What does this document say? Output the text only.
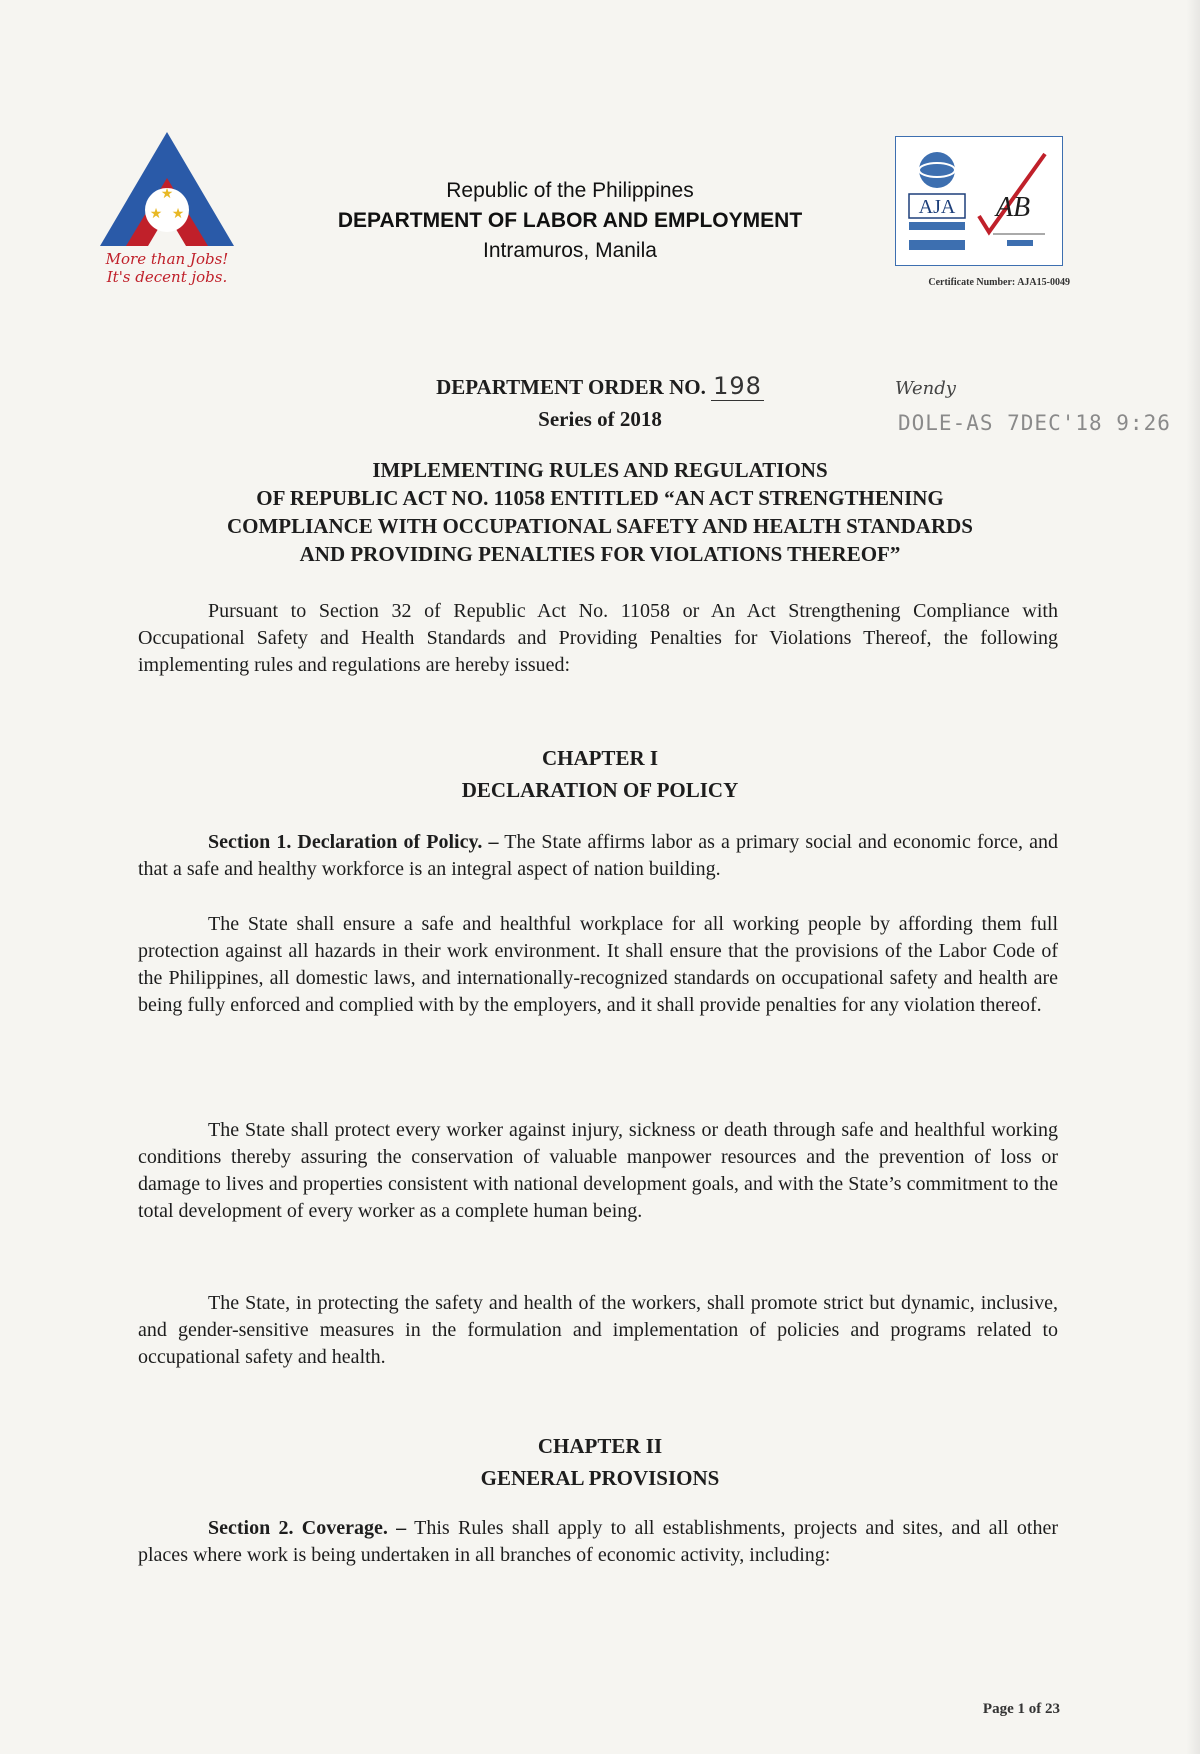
★
★ ★
More than Jobs!
It's decent jobs.
Republic of the Philippines
DEPARTMENT OF LABOR AND EMPLOYMENT
Intramuros, Manila
AJA AB
Certificate Number: AJA15-0049
DEPARTMENT ORDER NO. 198
Series of 2018
Wendy
DOLE-AS 7DEC'18 9:26
IMPLEMENTING RULES AND REGULATIONS
OF REPUBLIC ACT NO. 11058 ENTITLED “AN ACT STRENGTHENING
COMPLIANCE WITH OCCUPATIONAL SAFETY AND HEALTH STANDARDS
AND PROVIDING PENALTIES FOR VIOLATIONS THEREOF”
Pursuant to Section 32 of Republic Act No. 11058 or An Act Strengthening Compliance with Occupational Safety and Health Standards and Providing Penalties for Violations Thereof, the following implementing rules and regulations are hereby issued:
CHAPTER I
DECLARATION OF POLICY
Section 1. Declaration of Policy. – The State affirms labor as a primary social and economic force, and that a safe and healthy workforce is an integral aspect of nation building.
The State shall ensure a safe and healthful workplace for all working people by affording them full protection against all hazards in their work environment. It shall ensure that the provisions of the Labor Code of the Philippines, all domestic laws, and internationally-recognized standards on occupational safety and health are being fully enforced and complied with by the employers, and it shall provide penalties for any violation thereof.
The State shall protect every worker against injury, sickness or death through safe and healthful working conditions thereby assuring the conservation of valuable manpower resources and the prevention of loss or damage to lives and properties consistent with national development goals, and with the State’s commitment to the total development of every worker as a complete human being.
The State, in protecting the safety and health of the workers, shall promote strict but dynamic, inclusive, and gender-sensitive measures in the formulation and implementation of policies and programs related to occupational safety and health.
CHAPTER II
GENERAL PROVISIONS
Section 2. Coverage. – This Rules shall apply to all establishments, projects and sites, and all other places where work is being undertaken in all branches of economic activity, including:
Page 1 of 23
